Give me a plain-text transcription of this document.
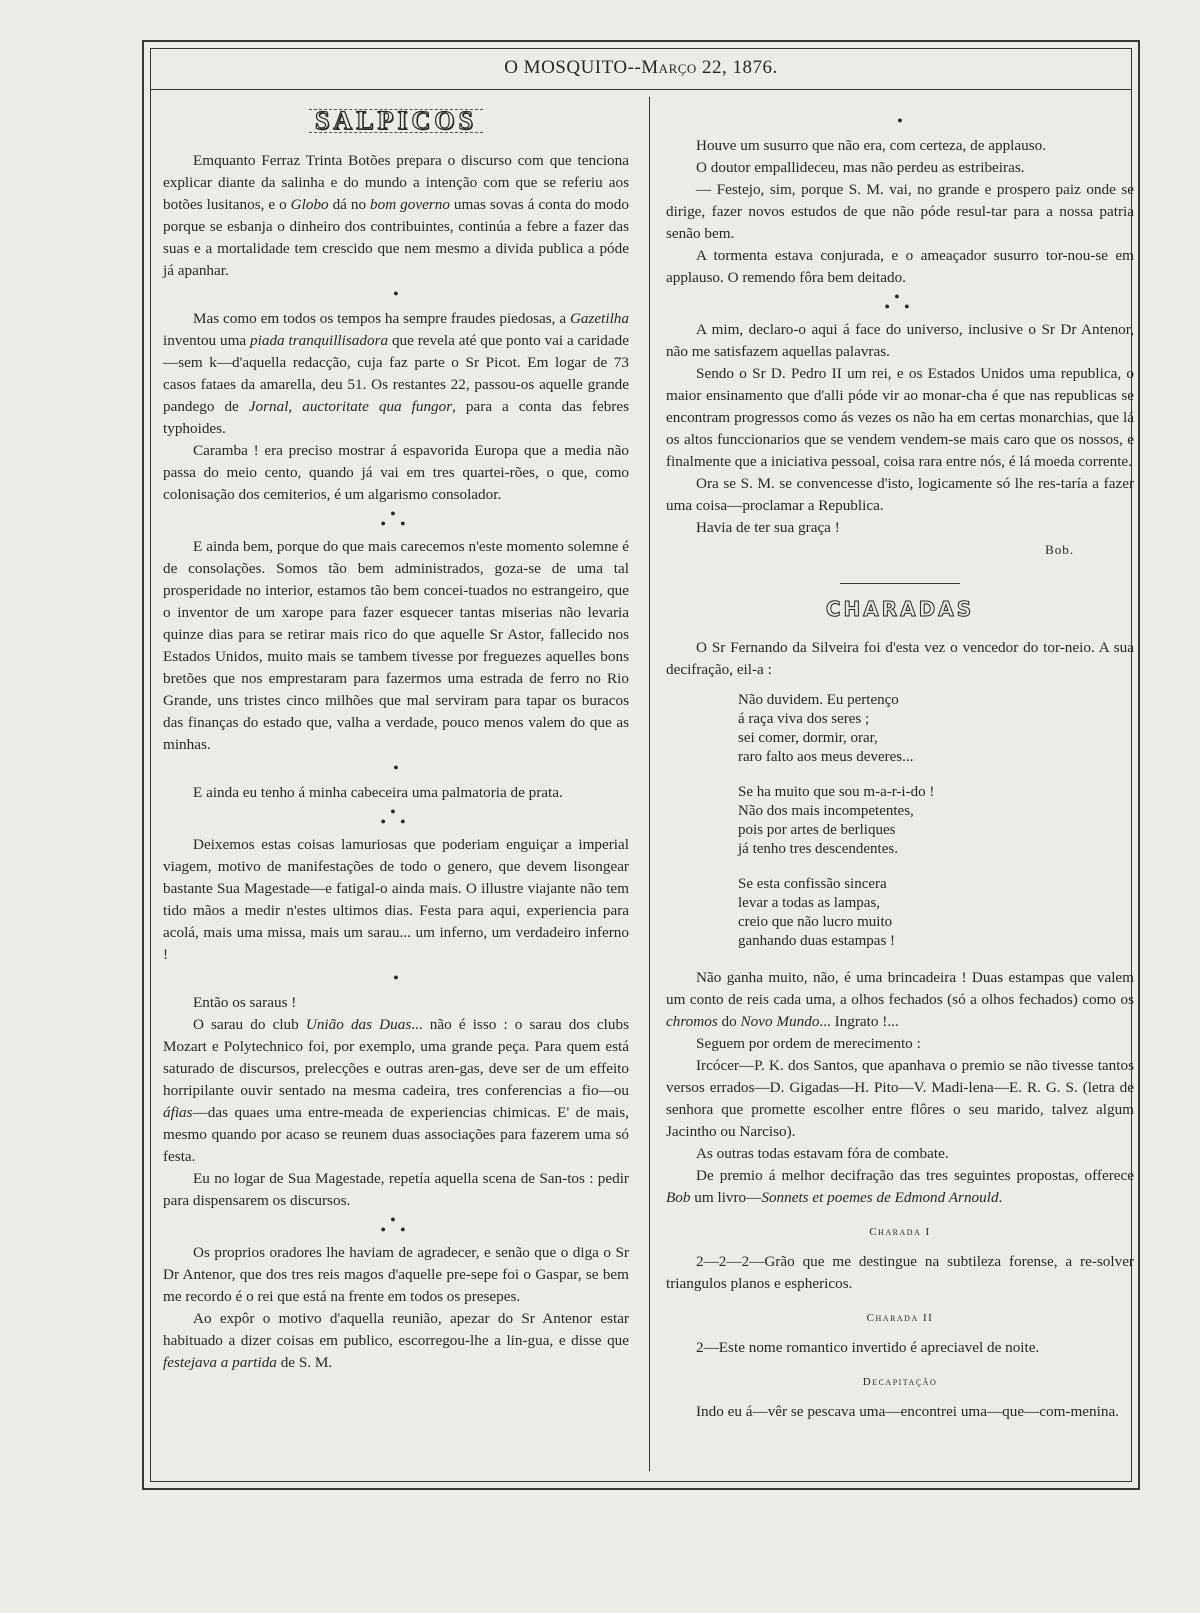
O MOSQUITO--Março 22, 1876.
SALPICOS

Emquanto Ferraz Trinta Botões prepara o discurso com que tenciona explicar diante da salinha e do mundo a intenção com que se referiu aos botões lusitanos, e o Globo dá no bom governo umas sovas á conta do modo porque se esbanja o dinheiro dos contribuintes, continúa a febre a fazer das suas e a mortalidade tem crescido que nem mesmo a divida publica a póde já apanhar.

●

Mas como em todos os tempos ha sempre fraudes piedosas, a Gazetilha inventou uma piada tranquillisadora que revela até que ponto vai a caridade—sem k—d'aquella redacção, cuja faz parte o Sr Picot. Em logar de 73 casos fataes da amarella, deu 51. Os restantes 22, passou-os aquelle grande pandego de Jornal, auctoritate qua fungor, para a conta das febres typhoides.

Caramba ! era preciso mostrar á espavorida Europa que a media não passa do meio cento, quando já vai em tres quartei-rões, o que, como colonisação dos cemiterios, é um algarismo consolador.

●
● ●

E ainda bem, porque do que mais carecemos n'este momento solemne é de consolações. Somos tão bem administrados, goza-se de uma tal prosperidade no interior, estamos tão bem concei-tuados no estrangeiro, que o inventor de um xarope para fazer esquecer tantas miserias não levaria quinze dias para se retirar mais rico do que aquelle Sr Astor, fallecido nos Estados Unidos, muito mais se tambem tivesse por freguezes aquelles bons bretões que nos emprestaram para fazermos uma estrada de ferro no Rio Grande, uns tristes cinco milhões que mal serviram para tapar os buracos das finanças do estado que, valha a verdade, pouco menos valem do que as minhas.

●

E ainda eu tenho á minha cabeceira uma palmatoria de prata.

●
● ●

Deixemos estas coisas lamuriosas que poderiam enguiçar a imperial viagem, motivo de manifestações de todo o genero, que devem lisongear bastante Sua Magestade—e fatigal-o ainda mais. O illustre viajante não tem tido mãos a medir n'estes ultimos dias. Festa para aqui, experiencia para acolá, mais uma missa, mais um sarau... um inferno, um verdadeiro inferno !

●

Então os saraus !

O sarau do club União das Duas... não é isso : o sarau dos clubs Mozart e Polytechnico foi, por exemplo, uma grande peça. Para quem está saturado de discursos, prelecções e outras aren-gas, deve ser de um effeito horripilante ouvir sentado na mesma cadeira, tres conferencias a fio—ou áfias—das quaes uma entre-meada de experiencias chimicas. E' de mais, mesmo quando por acaso se reunem duas associações para fazerem uma só festa.

Eu no logar de Sua Magestade, repetía aquella scena de San-tos : pedir para dispensarem os discursos.

●
● ●

Os proprios oradores lhe haviam de agradecer, e senão que o diga o Sr Dr Antenor, que dos tres reis magos d'aquelle pre-sepe foi o Gaspar, se bem me recordo é o rei que está na frente em todos os presepes.

Ao expôr o motivo d'aquella reunião, apezar do Sr Antenor estar habituado a dizer coisas em publico, escorregou-lhe a lin-gua, e disse que festejava a partida de S. M.

●

Houve um susurro que não era, com certeza, de applauso.

O doutor empallideceu, mas não perdeu as estribeiras.

— Festejo, sim, porque S. M. vai, no grande e prospero paiz onde se dirige, fazer novos estudos de que não póde resul-tar para a nossa patria senão bem.

A tormenta estava conjurada, e o ameaçador susurro tor-nou-se em applauso. O remendo fôra bem deitado.

●
● ●

A mim, declaro-o aqui á face do universo, inclusive o Sr Dr Antenor, não me satisfazem aquellas palavras.

Sendo o Sr D. Pedro II um rei, e os Estados Unidos uma republica, o maior ensinamento que d'alli póde vir ao monar-cha é que nas republicas se encontram progressos como ás vezes os não ha em certas monarchias, que lá os altos funccionarios que se vendem vendem-se mais caro que os nossos, e finalmente que a iniciativa pessoal, coisa rara entre nós, é lá moeda corrente.

Ora se S. M. se convencesse d'isto, logicamente só lhe res-taría a fazer uma coisa—proclamar a Republica.

Havia de ter sua graça !

Bob.

CHARADAS

O Sr Fernando da Silveira foi d'esta vez o vencedor do tor-neio. A sua decifração, eil-a :

Não duvidem. Eu pertenço
á raça viva dos seres ;
sei comer, dormir, orar,
raro falto aos meus deveres...
Se ha muito que sou m-a-r-i-do !
Não dos mais incompetentes,
pois por artes de berliques
já tenho tres descendentes.
Se esta confissão sincera
levar a todas as lampas,
creio que não lucro muito
ganhando duas estampas !

Não ganha muito, não, é uma brincadeira ! Duas estampas que valem um conto de reis cada uma, a olhos fechados (só a olhos fechados) como os chromos do Novo Mundo... Ingrato !...

Seguem por ordem de merecimento :

Ircócer—P. K. dos Santos, que apanhava o premio se não tivesse tantos versos errados—D. Gigadas—H. Pito—V. Madi-lena—E. R. G. S. (letra de senhora que promette escolher entre flôres o seu marido, talvez algum Jacintho ou Narciso).

As outras todas estavam fóra de combate.

De premio á melhor decifração das tres seguintes propostas, offerece Bob um livro—Sonnets et poemes de Edmond Arnould.

Charada I

2—2—2—Grão que me destingue na subtileza forense, a re-solver triangulos planos e esphericos.

Charada II

2—Este nome romantico invertido é apreciavel de noite.

Decapitação

Indo eu á—vêr se pescava uma—encontrei uma—que—com-menina.
